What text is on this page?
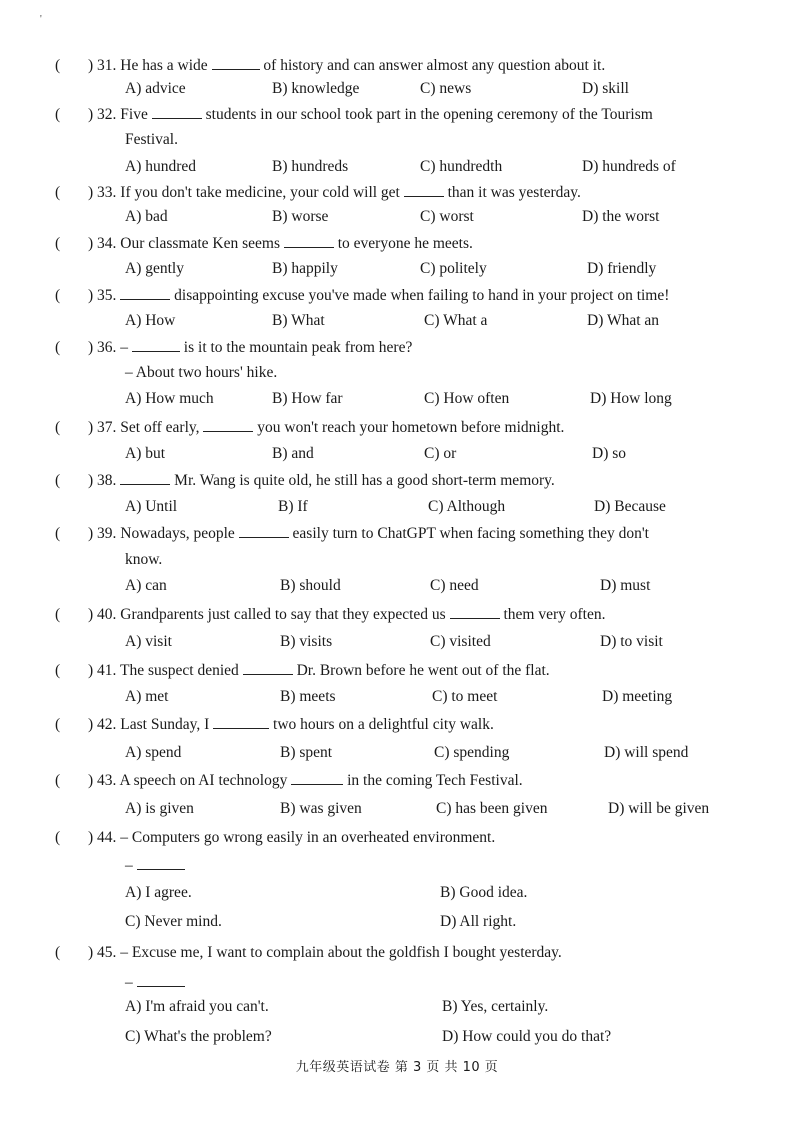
'
( ) 31. He has a wide	of history and can answer almost any question about it.
A) advice	B) knowledge	C) news	D) skill
( ) 32. Five	students in our school took part in the opening ceremony of the Tourism
Festival.
A) hundred	B) hundreds	C) hundredth	D) hundreds of
( ) 33. If you don't take medicine, your cold will get	than it was yesterday.
A) bad	B) worse	C) worst	D) the worst
( ) 34. Our classmate Ken seems	to everyone he meets.
A) gently	B) happily	C) politely	D) friendly
( ) 35.	disappointing excuse you've made when failing to hand in your project on time!
A) How	B) What	C) What a	D) What an
( ) 36. –	is it to the mountain peak from here?
– About two hours' hike.
A) How much	B) How far	C) How often	D) How long
( ) 37. Set off early,	you won't reach your hometown before midnight.
A) but	B) and	C) or	D) so
( ) 38.	Mr. Wang is quite old, he still has a good short-term memory.
A) Until	B) If	C) Although	D) Because
( ) 39. Nowadays, people	easily turn to ChatGPT when facing something they don't
know.
A) can	B) should	C) need	D) must
( ) 40. Grandparents just called to say that they expected us	them very often.
A) visit	B) visits	C) visited	D) to visit
( ) 41. The suspect denied	Dr. Brown before he went out of the flat.
A) met	B) meets	C) to meet	D) meeting
( ) 42. Last Sunday, I	two hours on a delightful city walk.
A) spend	B) spent	C) spending	D) will spend
( ) 43. A speech on AI technology	in the coming Tech Festival.
A) is given	B) was given	C) has been given	D) will be given
( ) 44. – Computers go wrong easily in an overheated environment.
–
A) I agree.	B) Good idea.
C) Never mind.	D) All right.
( ) 45. – Excuse me, I want to complain about the goldfish I bought yesterday.
–
A) I'm afraid you can't.	B) Yes, certainly.
C) What's the problem?	D) How could you do that?
九年级英语试卷 第 3 页 共 10 页
